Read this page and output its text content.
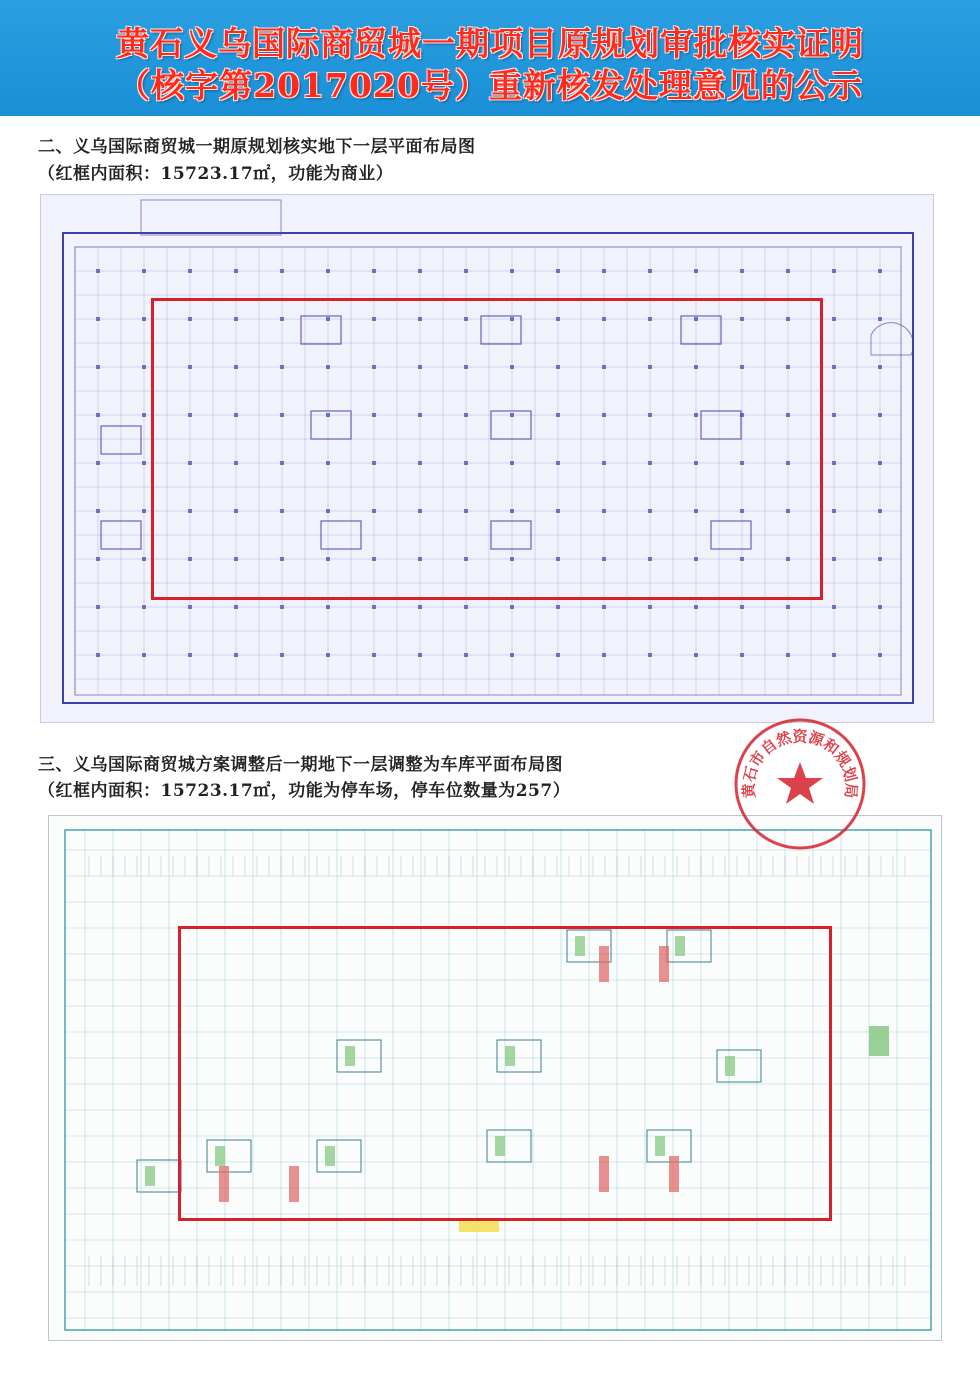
黄石义乌国际商贸城一期项目原规划审批核实证明
（核字第2017020号）重新核发处理意见的公示
二、义乌国际商贸城一期原规划核实地下一层平面布局图
（红框内面积：15723.17㎡，功能为商业）
三、义乌国际商贸城方案调整后一期地下一层调整为车库平面布局图
（红框内面积：15723.17㎡，功能为停车场，停车位数量为257）	黄石市自然资源和规划局
